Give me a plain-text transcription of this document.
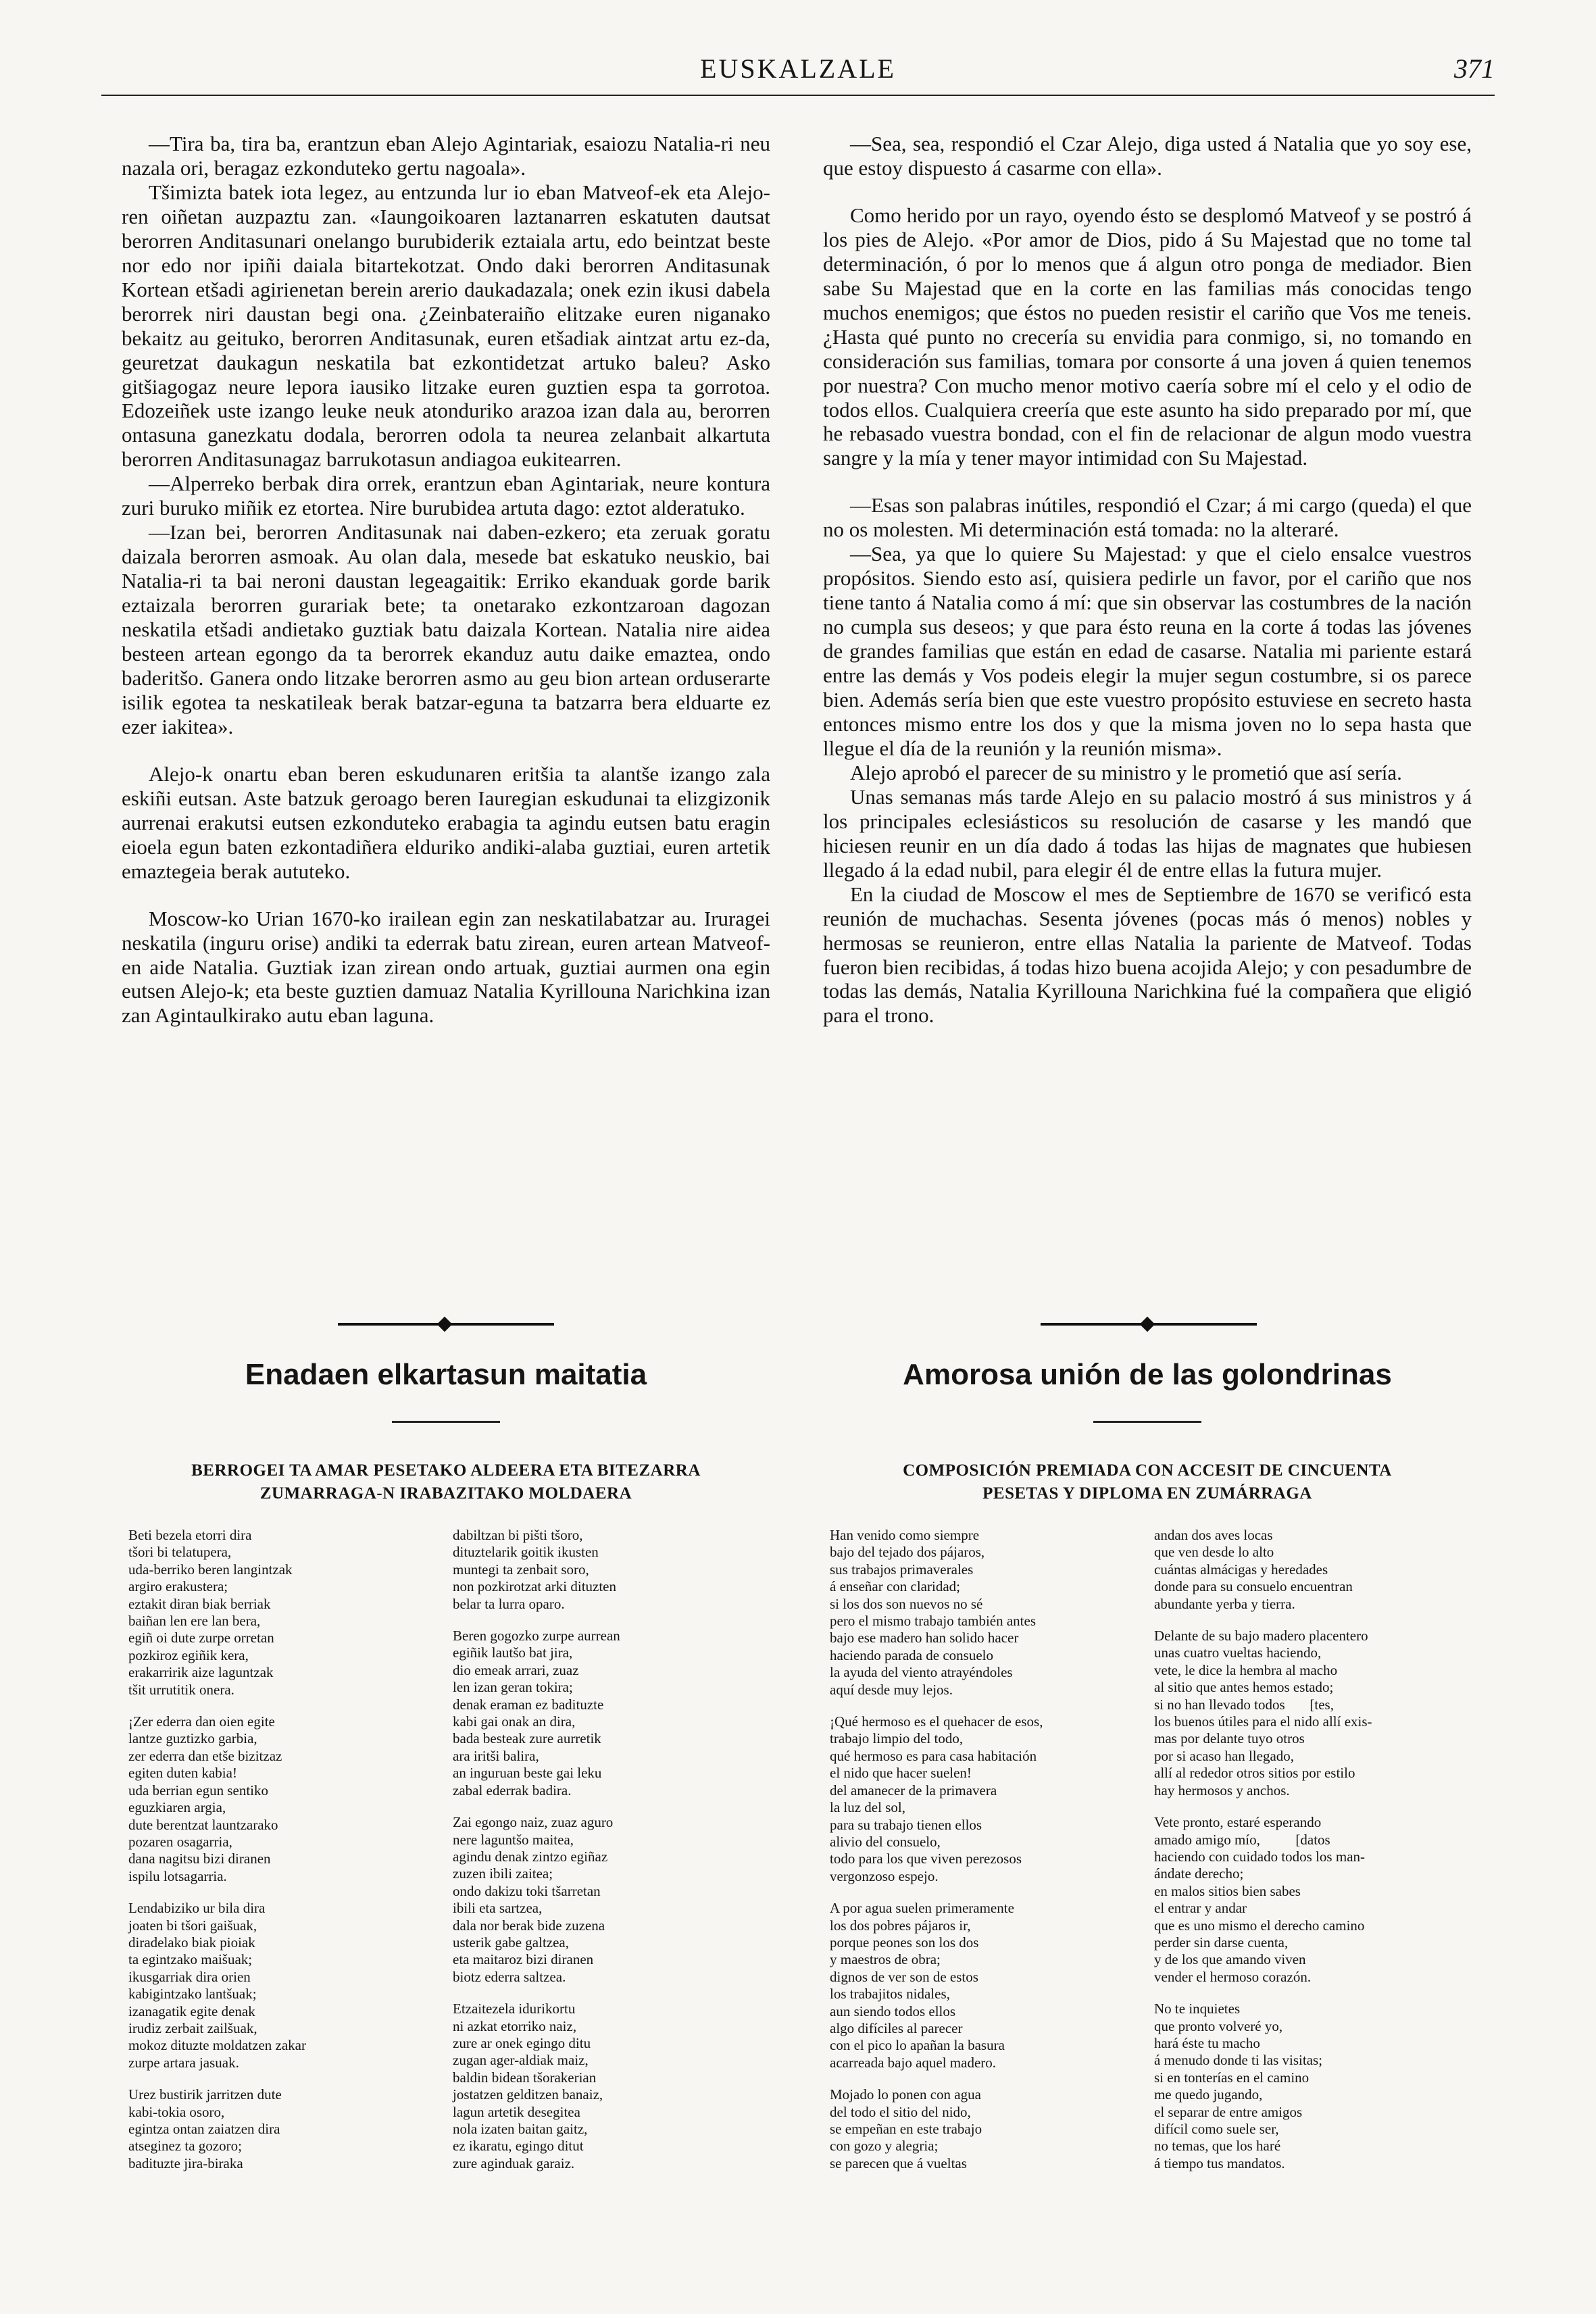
EUSKALZALE	371

—Tira ba, tira ba, erantzun eban Alejo Agintariak, esaiozu Natalia-ri neu nazala ori, beragaz ezkonduteko gertu nagoala».

Tšimizta batek iota legez, au entzunda lur io eban Matveof-ek eta Alejo-ren oiñetan auzpaztu zan. «Iaungoikoaren laztanarren eskatuten dautsat berorren Anditasunari onelango burubiderik eztaiala artu, edo beintzat beste nor edo nor ipiñi daiala bitartekotzat. Ondo daki berorren Anditasunak Kortean etšadi agirienetan berein arerio daukadazala; onek ezin ikusi dabela berorrek niri daustan begi ona. ¿Zeinbateraiño elitzake euren niganako bekaitz au geituko, berorren Anditasunak, euren etšadiak aintzat artu ez-da, geuretzat daukagun neskatila bat ezkontidetzat artuko baleu? Asko gitšiagogaz neure lepora iausiko litzake euren guztien espa ta gorrotoa. Edozeiñek uste izango leuke neuk atonduriko arazoa izan dala au, berorren ontasuna ganezkatu dodala, berorren odola ta neurea zelanbait alkartuta berorren Anditasunagaz barrukotasun andiagoa eukitearren.

—Alperreko berbak dira orrek, erantzun eban Agintariak, neure kontura zuri buruko miñik ez etortea. Nire burubidea artuta dago: eztot alderatuko.

—Izan bei, berorren Anditasunak nai daben-ezkero; eta zeruak goratu daizala berorren asmoak. Au olan dala, mesede bat eskatuko neuskio, bai Natalia-ri ta bai neroni daustan legeagaitik: Erriko ekanduak gorde barik eztaizala berorren gurariak bete; ta onetarako ezkontzaroan dagozan neskatila etšadi andietako guztiak batu daizala Kortean. Natalia nire aidea besteen artean egongo da ta berorrek ekanduz autu daike emaztea, ondo baderitšo. Ganera ondo litzake berorren asmo au geu bion artean orduserarte isilik egotea ta neskatileak berak batzar-eguna ta batzarra bera elduarte ez ezer iakitea».

Alejo-k onartu eban beren eskudunaren eritšia ta alantše izango zala eskiñi eutsan. Aste batzuk geroago beren Iauregian eskudunai ta elizgizonik aurrenai erakutsi eutsen ezkonduteko erabagia ta agindu eutsen batu eragin eioela egun baten ezkontadiñera elduriko andiki-alaba guztiai, euren artetik emaztegeia berak aututeko.

Moscow-ko Urian 1670-ko irailean egin zan neskatilabatzar au. Iruragei neskatila (inguru orise) andiki ta ederrak batu zirean, euren artean Matveof-en aide Natalia. Guztiak izan zirean ondo artuak, guztiai aurmen ona egin eutsen Alejo-k; eta beste guztien damuaz Natalia Kyrillouna Narichkina izan zan Agintaulkirako autu eban laguna.

—Sea, sea, respondió el Czar Alejo, diga usted á Natalia que yo soy ese, que estoy dispuesto á casarme con ella».

Como herido por un rayo, oyendo ésto se desplomó Matveof y se postró á los pies de Alejo. «Por amor de Dios, pido á Su Majestad que no tome tal determinación, ó por lo menos que á algun otro ponga de mediador. Bien sabe Su Majestad que en la corte en las familias más conocidas tengo muchos enemigos; que éstos no pueden resistir el cariño que Vos me teneis. ¿Hasta qué punto no crecería su envidia para conmigo, si, no tomando en consideración sus familias, tomara por consorte á una joven á quien tenemos por nuestra? Con mucho menor motivo caería sobre mí el celo y el odio de todos ellos. Cualquiera creería que este asunto ha sido preparado por mí, que he rebasado vuestra bondad, con el fin de relacionar de algun modo vuestra sangre y la mía y tener mayor intimidad con Su Majestad.

—Esas son palabras inútiles, respondió el Czar; á mi cargo (queda) el que no os molesten. Mi determinación está tomada: no la alteraré.

—Sea, ya que lo quiere Su Majestad: y que el cielo ensalce vuestros propósitos. Siendo esto así, quisiera pedirle un favor, por el cariño que nos tiene tanto á Natalia como á mí: que sin observar las costumbres de la nación no cumpla sus deseos; y que para ésto reuna en la corte á todas las jóvenes de grandes familias que están en edad de casarse. Natalia mi pariente estará entre las demás y Vos podeis elegir la mujer segun costumbre, si os parece bien. Además sería bien que este vuestro propósito estuviese en secreto hasta entonces mismo entre los dos y que la misma joven no lo sepa hasta que llegue el día de la reunión y la reunión misma».

Alejo aprobó el parecer de su ministro y le prometió que así sería.

Unas semanas más tarde Alejo en su palacio mostró á sus ministros y á los principales eclesiásticos su resolución de casarse y les mandó que hiciesen reunir en un día dado á todas las hijas de magnates que hubiesen llegado á la edad nubil, para elegir él de entre ellas la futura mujer.

En la ciudad de Moscow el mes de Septiembre de 1670 se verificó esta reunión de muchachas. Sesenta jóvenes (pocas más ó menos) nobles y hermosas se reunieron, entre ellas Natalia la pariente de Matveof. Todas fueron bien recibidas, á todas hizo buena acojida Alejo; y con pesadumbre de todas las demás, Natalia Kyrillouna Narichkina fué la compañera que eligió para el trono.

Enadaen elkartasun maitatia	Amorosa unión de las golondrinas
BERROGEI TA AMAR PESETAKO ALDEERA ETA BITEZARRA
ZUMARRAGA-N IRABAZITAKO MOLDAERA
COMPOSICIÓN PREMIADA CON ACCESIT DE CINCUENTA
PESETAS Y DIPLOMA EN ZUMÁRRAGA
Beti bezela etorri dira
tšori bi telatupera,
uda-berriko beren langintzak
argiro erakustera;
eztakit diran biak berriak
baiñan len ere lan bera,
egiñ oi dute zurpe orretan
pozkiroz egiñik kera,
erakarririk aize laguntzak
tšit urrutitik onera.
¡Zer ederra dan oien egite
lantze guztizko garbia,
zer ederra dan etše bizitzaz
egiten duten kabia!
uda berrian egun sentiko
eguzkiaren argia,
dute berentzat launtzarako
pozaren osagarria,
dana nagitsu bizi diranen
ispilu lotsagarria.
Lendabiziko ur bila dira
joaten bi tšori gaišuak,
diradelako biak pioiak
ta egintzako maišuak;
ikusgarriak dira orien
kabigintzako lantšuak;
izanagatik egite denak
irudiz zerbait zailšuak,
mokoz dituzte moldatzen zakar
zurpe artara jasuak.
Urez bustirik jarritzen dute
kabi-tokia osoro,
egintza ontan zaiatzen dira
atseginez ta gozoro;
badituzte jira-biraka
dabiltzan bi pišti tšoro,
dituztelarik goitik ikusten
muntegi ta zenbait soro,
non pozkirotzat arki dituzten
belar ta lurra oparo.
Beren gogozko zurpe aurrean
egiñik lautšo bat jira,
dio emeak arrari, zuaz
len izan geran tokira;
denak eraman ez badituzte
kabi gai onak an dira,
bada besteak zure aurretik
ara iritši balira,
an inguruan beste gai leku
zabal ederrak badira.
Zai egongo naiz, zuaz aguro
nere laguntšo maitea,
agindu denak zintzo egiñaz
zuzen ibili zaitea;
ondo dakizu toki tšarretan
ibili eta sartzea,
dala nor berak bide zuzena
usterik gabe galtzea,
eta maitaroz bizi diranen
biotz ederra saltzea.
Etzaitezela idurikortu
ni azkat etorriko naiz,
zure ar onek egingo ditu
zugan ager-aldiak maiz,
baldin bidean tšorakerian
jostatzen gelditzen banaiz,
lagun artetik desegitea
nola izaten baitan gaitz,
ez ikaratu, egingo ditut
zure aginduak garaiz.
Han venido como siempre
bajo del tejado dos pájaros,
sus trabajos primaverales
á enseñar con claridad;
si los dos son nuevos no sé
pero el mismo trabajo también antes
bajo ese madero han solido hacer
haciendo parada de consuelo
la ayuda del viento atrayéndoles
aquí desde muy lejos.
¡Qué hermoso es el quehacer de esos,
trabajo limpio del todo,
qué hermoso es para casa habitación
el nido que hacer suelen!
del amanecer de la primavera
la luz del sol,
para su trabajo tienen ellos
alivio del consuelo,
todo para los que viven perezosos
vergonzoso espejo.
A por agua suelen primeramente
los dos pobres pájaros ir,
porque peones son los dos
y maestros de obra;
dignos de ver son de estos
los trabajitos nidales,
aun siendo todos ellos
algo difíciles al parecer
con el pico lo apañan la basura
acarreada bajo aquel madero.
Mojado lo ponen con agua
del todo el sitio del nido,
se empeñan en este trabajo
con gozo y alegria;
se parecen que á vueltas
andan dos aves locas
que ven desde lo alto
cuántas almácigas y heredades
donde para su consuelo encuentran
abundante yerba y tierra.
Delante de su bajo madero placentero
unas cuatro vueltas haciendo,
vete, le dice la hembra al macho
al sitio que antes hemos estado;
si no han llevado todos       [tes,
los buenos útiles para el nido allí exis-
mas por delante tuyo otros
por si acaso han llegado,
allí al rededor otros sitios por estilo
hay hermosos y anchos.
Vete pronto, estaré esperando
amado amigo mío,          [datos
haciendo con cuidado todos los man-
ándate derecho;
en malos sitios bien sabes
el entrar y andar
que es uno mismo el derecho camino
perder sin darse cuenta,
y de los que amando viven
vender el hermoso corazón.
No te inquietes
que pronto volveré yo,
hará éste tu macho
á menudo donde ti las visitas;
si en tonterías en el camino
me quedo jugando,
el separar de entre amigos
difícil como suele ser,
no temas, que los haré
á tiempo tus mandatos.
